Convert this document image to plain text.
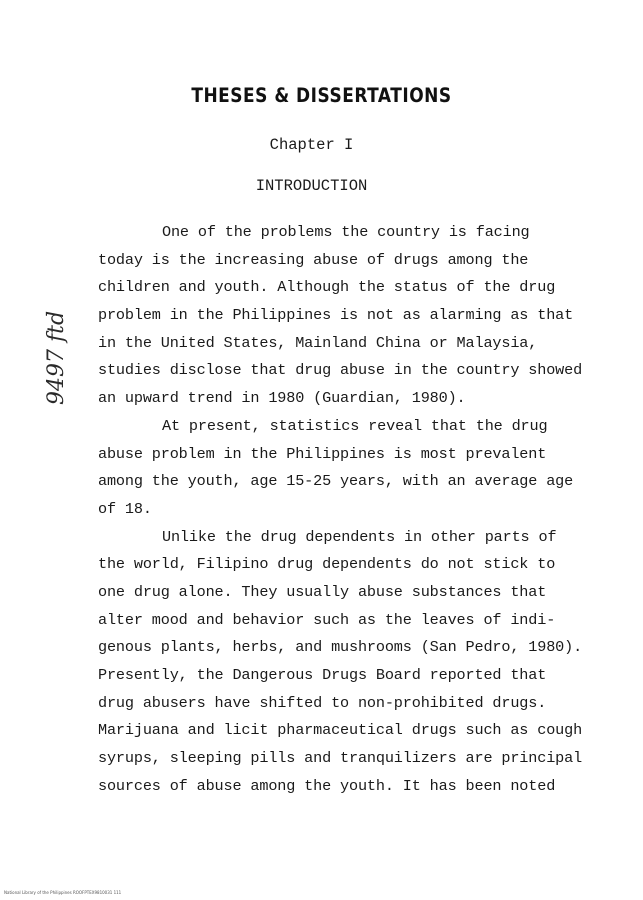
THESES & DISSERTATIONS
Chapter I
INTRODUCTION
9497 ftd
One of the problems the country is facing
today is the increasing abuse of drugs among the
children and youth. Although the status of the drug
problem in the Philippines is not as alarming as that
in the United States, Mainland China or Malaysia,
studies disclose that drug abuse in the country showed
an upward trend in 1980 (Guardian, 1980).
At present, statistics reveal that the drug
abuse problem in the Philippines is most prevalent
among the youth, age 15-25 years, with an average age
of 18.
Unlike the drug dependents in other parts of
the world, Filipino drug dependents do not stick to
one drug alone. They usually abuse substances that
alter mood and behavior such as the leaves of indi-
genous plants, herbs, and mushrooms (San Pedro, 1980).
Presently, the Dangerous Drugs Board reported that
drug abusers have shifted to non-prohibited drugs.
Marijuana and licit pharmaceutical drugs such as cough
syrups, sleeping pills and tranquilizers are principal
sources of abuse among the youth. It has been noted
National Library of the Philippines ROOFPTEX9810031 111
